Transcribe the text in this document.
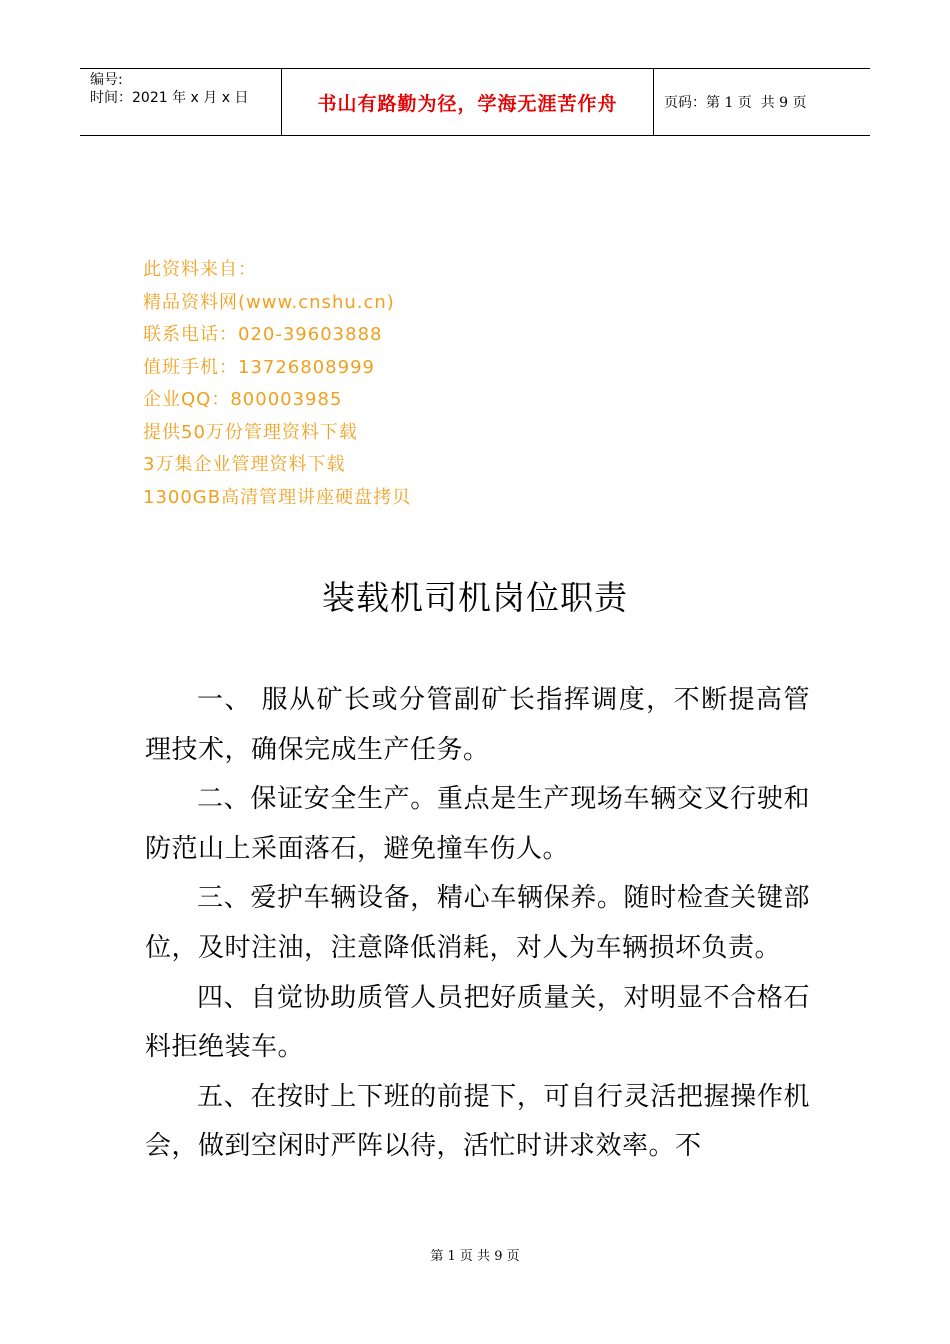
编号:
时间：2021 年 x 月 x 日	书山有路勤为径，学海无涯苦作舟	页码：第 1 页  共 9 页
此资料来自：
精品资料网(www.cnshu.cn)
联系电话：020-39603888
值班手机：13726808999
企业QQ：800003985
提供50万份管理资料下载
3万集企业管理资料下载
1300GB高清管理讲座硬盘拷贝
装载机司机岗位职责

一、 服从矿长或分管副矿长指挥调度，不断提高管理技术，确保完成生产任务。

二、保证安全生产。重点是生产现场车辆交叉行驶和防范山上采面落石，避免撞车伤人。

三、爱护车辆设备，精心车辆保养。随时检查关键部位，及时注油，注意降低消耗，对人为车辆损坏负责。

四、自觉协助质管人员把好质量关，对明显不合格石料拒绝装车。

五、在按时上下班的前提下，可自行灵活把握操作机会，做到空闲时严阵以待，活忙时讲求效率。不

第 1 页 共 9 页
